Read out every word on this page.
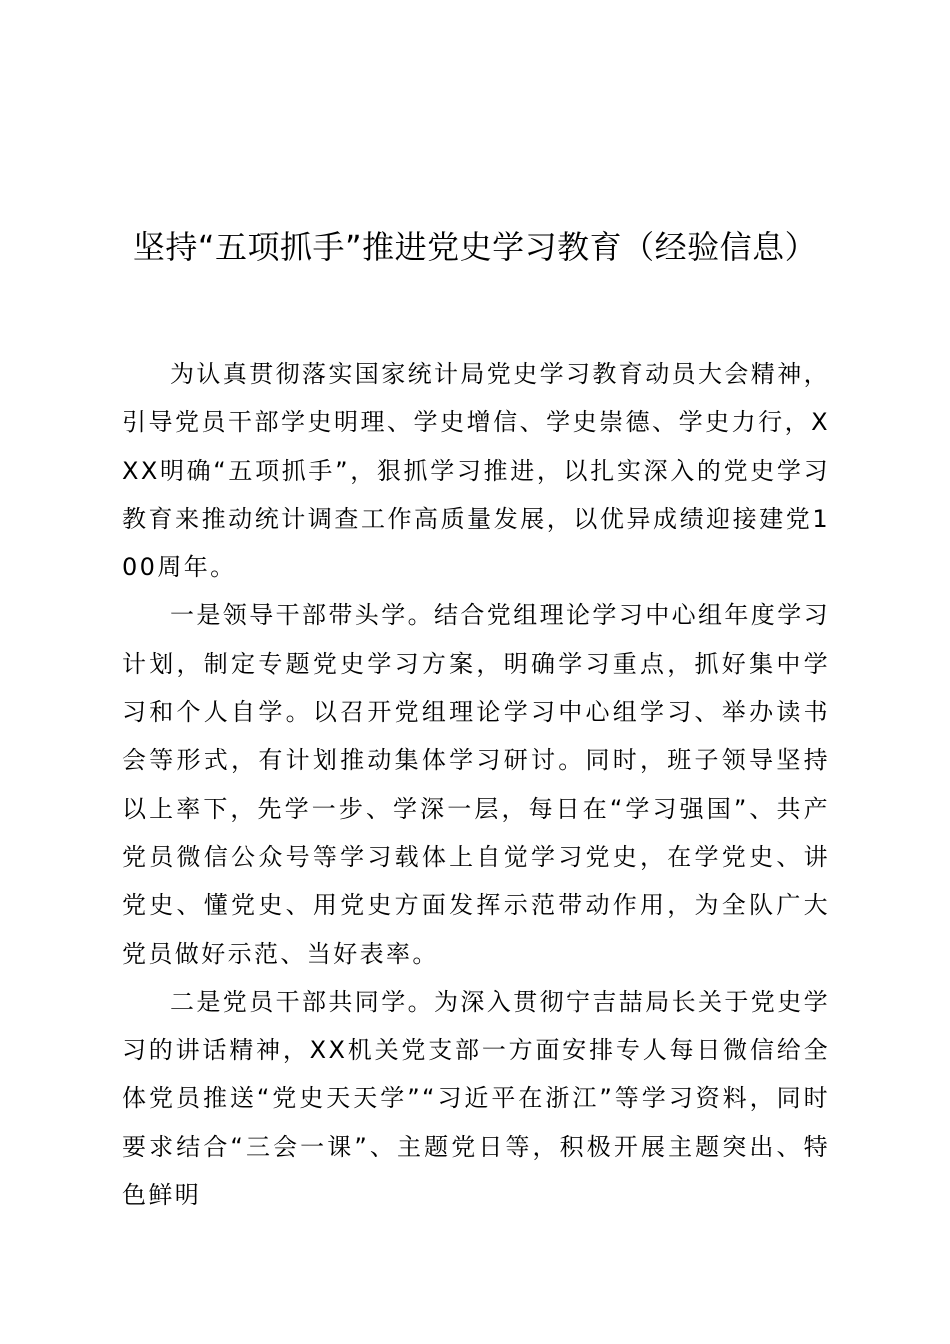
坚持“五项抓手”推进党史学习教育（经验信息）

为认真贯彻落实国家统计局党史学习教育动员大会精神，引导党员干部学史明理、学史增信、学史崇德、学史力行，XXX明确“五项抓手”，狠抓学习推进，以扎实深入的党史学习教育来推动统计调查工作高质量发展，以优异成绩迎接建党100周年。

一是领导干部带头学。结合党组理论学习中心组年度学习计划，制定专题党史学习方案，明确学习重点，抓好集中学习和个人自学。以召开党组理论学习中心组学习、举办读书会等形式，有计划推动集体学习研讨。同时，班子领导坚持以上率下，先学一步、学深一层，每日在“学习强国”、共产党员微信公众号等学习载体上自觉学习党史，在学党史、讲党史、懂党史、用党史方面发挥示范带动作用，为全队广大党员做好示范、当好表率。

二是党员干部共同学。为深入贯彻宁吉喆局长关于党史学习的讲话精神，XX机关党支部一方面安排专人每日微信给全体党员推送“党史天天学”“习近平在浙江”等学习资料，同时要求结合“三会一课”、主题党日等，积极开展主题突出、特色鲜明
